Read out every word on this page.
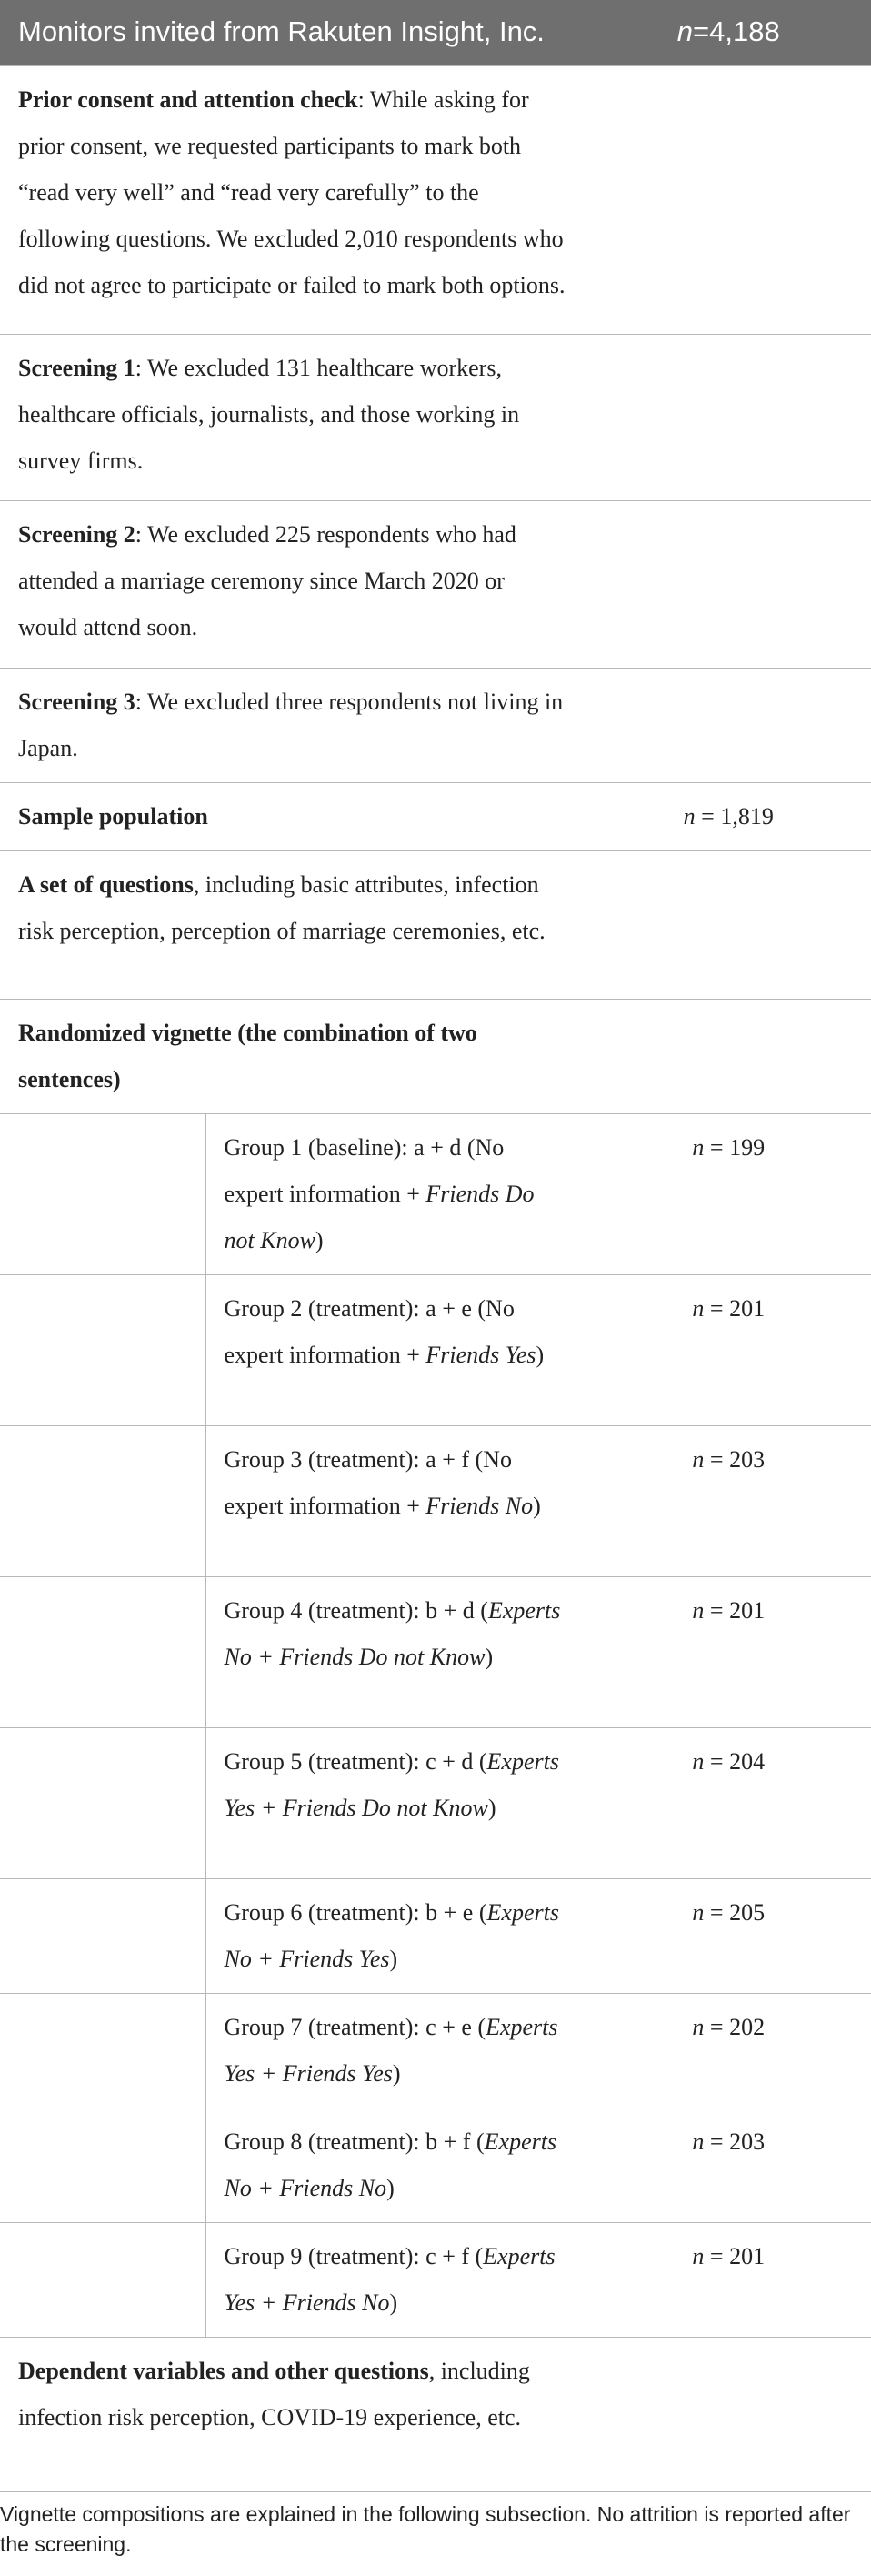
Monitors invited from Rakuten Insight, Inc.		n=4,188
Prior consent and attention check: While asking for prior consent, we requested participants to mark both “read very well” and “read very carefully” to the following questions. We excluded 2,010 respondents who did not agree to participate or failed to mark both options.		
Screening 1: We excluded 131 healthcare workers, healthcare officials, journalists, and those working in survey firms.		
Screening 2: We excluded 225 respondents who had attended a marriage ceremony since March 2020 or would attend soon.		
Screening 3: We excluded three respondents not living in Japan.		
Sample population		n = 1,819
A set of questions, including basic attributes, infection risk perception, perception of marriage ceremonies, etc.		
Randomized vignette (the combination of two sentences)		
	Group 1 (baseline): a + d (No expert information + Friends Do not Know)	n = 199
	Group 2 (treatment): a + e (No expert information + Friends Yes)	n = 201
	Group 3 (treatment): a + f (No expert information + Friends No)	n = 203
	Group 4 (treatment): b + d (Experts No + Friends Do not Know)	n = 201
	Group 5 (treatment): c + d (Experts Yes + Friends Do not Know)	n = 204
	Group 6 (treatment): b + e (Experts No + Friends Yes)	n = 205
	Group 7 (treatment): c + e (Experts Yes + Friends Yes)	n = 202
	Group 8 (treatment): b + f (Experts No + Friends No)	n = 203
	Group 9 (treatment): c + f (Experts Yes + Friends No)	n = 201
Dependent variables and other questions, including infection risk perception, COVID-19 experience, etc.		
Vignette compositions are explained in the following subsection. No attrition is reported after the screening.
